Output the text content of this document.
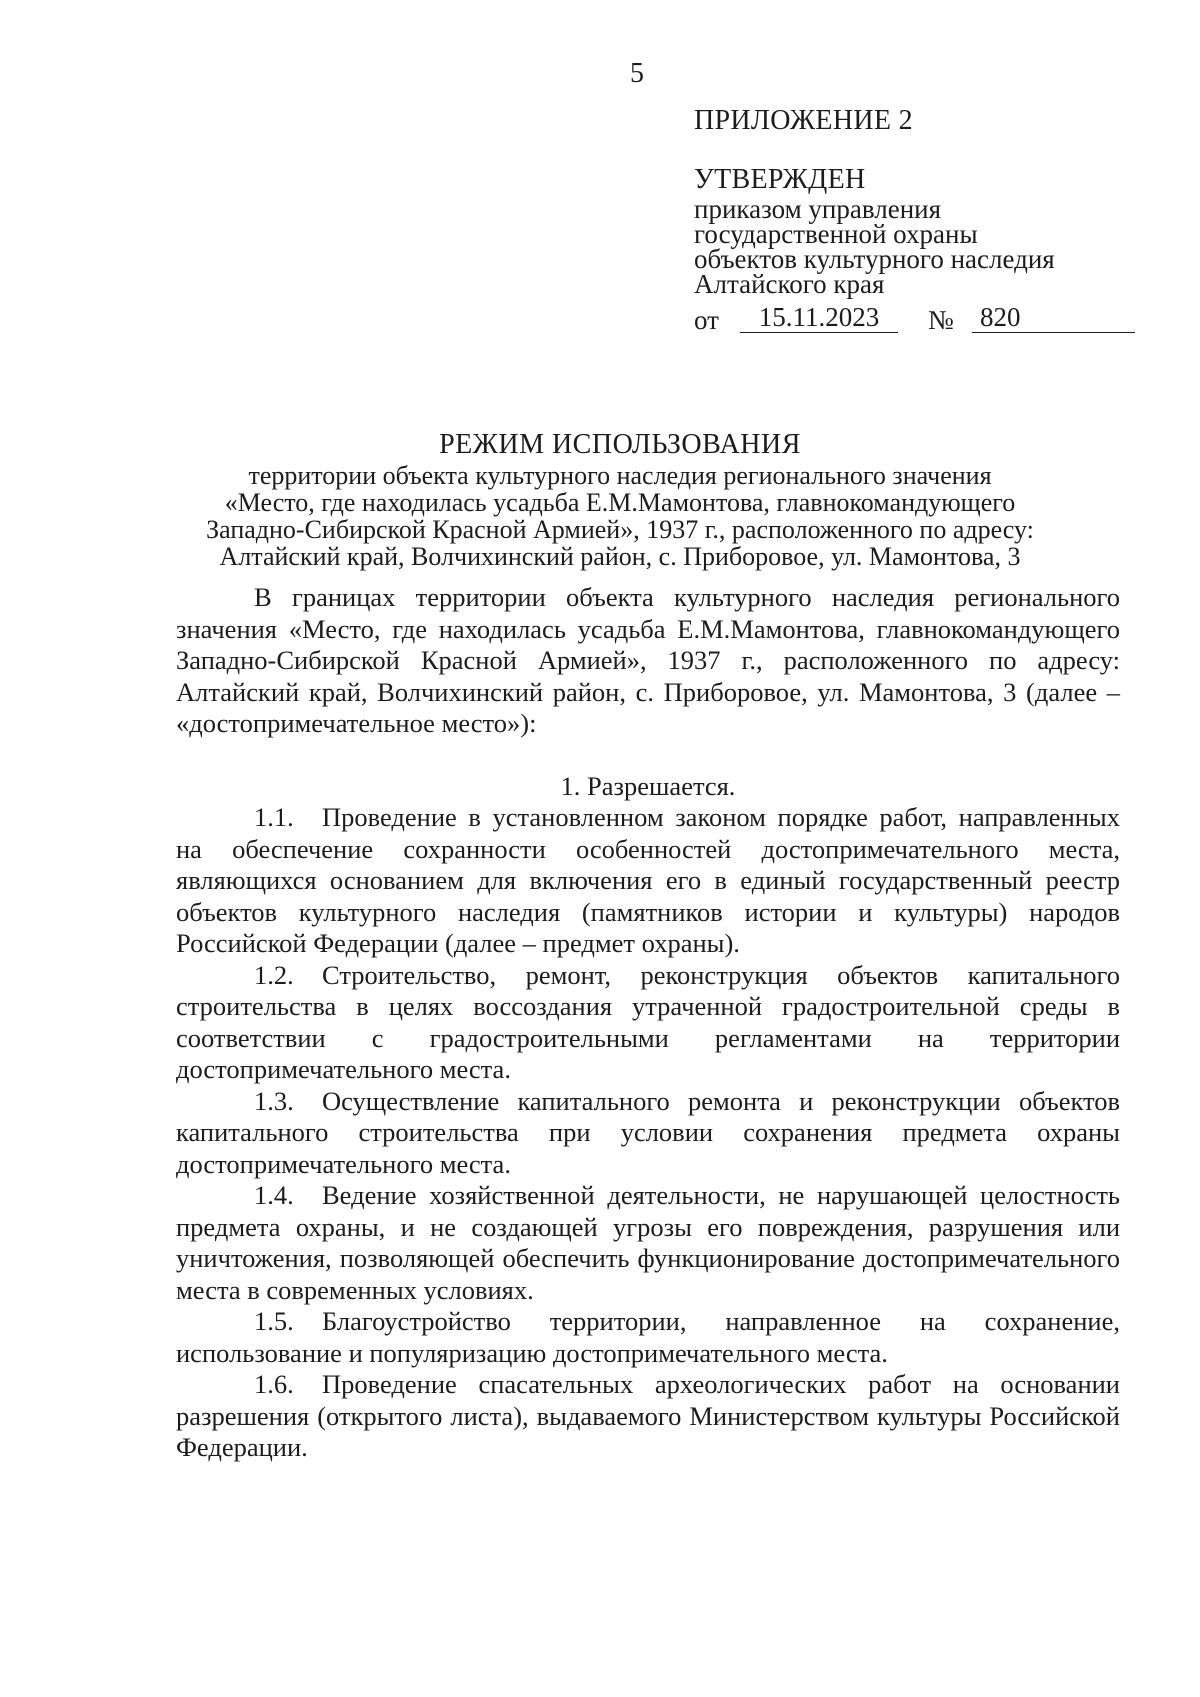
5
ПРИЛОЖЕНИЕ 2
УТВЕРЖДЕН
приказом управления
государственной охраны
объектов культурного наследия
Алтайского края
от	15.11.2023	№ 820
РЕЖИМ ИСПОЛЬЗОВАНИЯ
территории объекта культурного наследия регионального значения
«Место, где находилась усадьба Е.М.Мамонтова, главнокомандующего
Западно-Сибирской Красной Армией», 1937 г., расположенного по адресу:
Алтайский край, Волчихинский район, с. Приборовое, ул. Мамонтова, 3

В границах территории объекта культурного наследия регионального значения «Место, где находилась усадьба Е.М.Мамонтова, главнокомандующего Западно-Сибирской Красной Армией», 1937 г., расположенного по адресу: Алтайский край, Волчихинский район, с. Приборовое, ул. Мамонтова, 3 (далее – «достопримечательное место»):

1. Разрешается.

1.1. Проведение в установленном законом порядке работ, направленных на обеспечение сохранности особенностей достопримечательного места, являющихся основанием для включения его в единый государственный реестр объектов культурного наследия (памятников истории и культуры) народов Российской Федерации (далее – предмет охраны).

1.2. Строительство, ремонт, реконструкция объектов капитального строительства в целях воссоздания утраченной градостроительной среды в соответствии с градостроительными регламентами на территории достопримечательного места.

1.3. Осуществление капитального ремонта и реконструкции объектов капитального строительства при условии сохранения предмета охраны достопримечательного места.

1.4. Ведение хозяйственной деятельности, не нарушающей целостность предмета охраны, и не создающей угрозы его повреждения, разрушения или уничтожения, позволяющей обеспечить функционирование достопримечательного места в современных условиях.

1.5. Благоустройство территории, направленное на сохранение, использование и популяризацию достопримечательного места.

1.6. Проведение спасательных археологических работ на основании разрешения (открытого листа), выдаваемого Министерством культуры Российской Федерации.
